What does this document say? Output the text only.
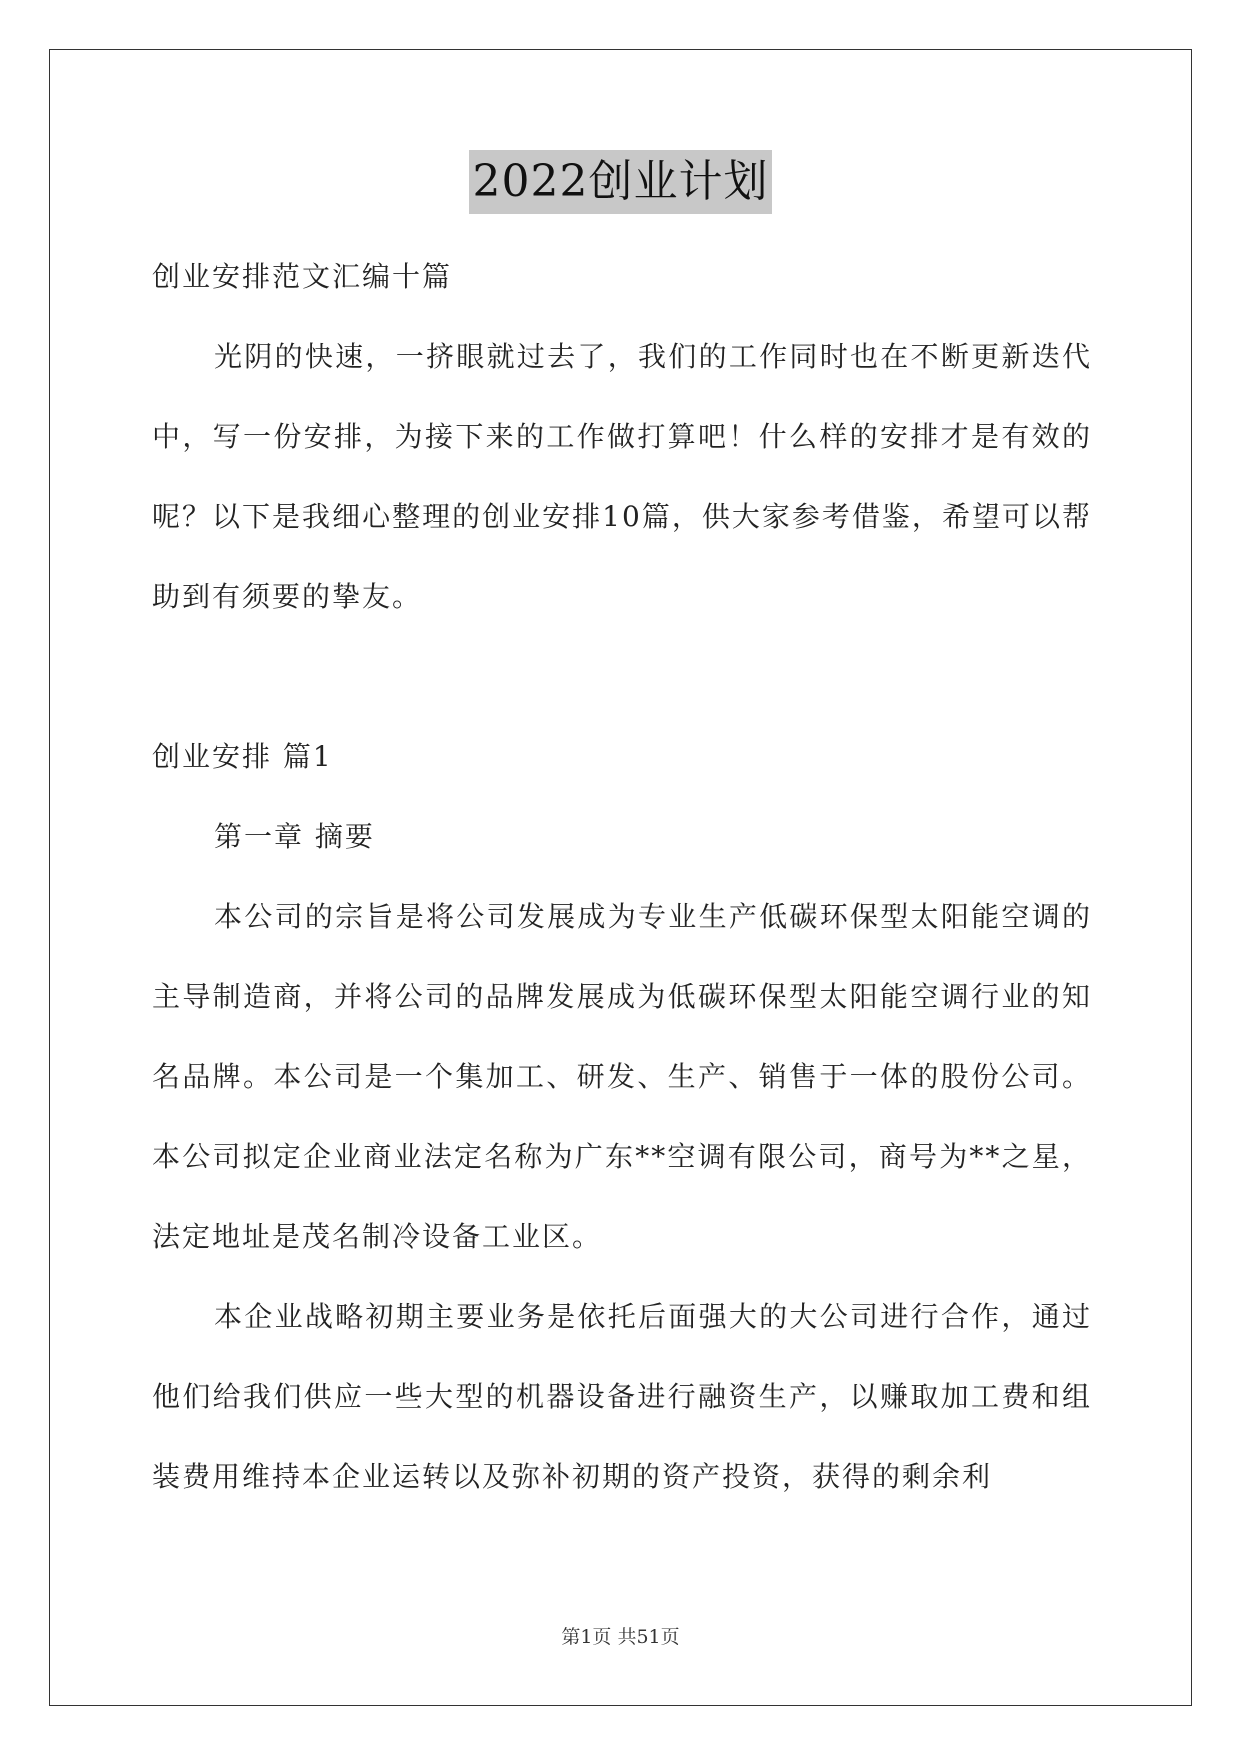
2022创业计划

创业安排范文汇编十篇

光阴的快速，一挤眼就过去了，我们的工作同时也在不断更新迭代中，写一份安排，为接下来的工作做打算吧！什么样的安排才是有效的呢？以下是我细心整理的创业安排10篇，供大家参考借鉴，希望可以帮助到有须要的挚友。

创业安排 篇1

第一章 摘要

本公司的宗旨是将公司发展成为专业生产低碳环保型太阳能空调的主导制造商，并将公司的品牌发展成为低碳环保型太阳能空调行业的知名品牌。本公司是一个集加工、研发、生产、销售于一体的股份公司。本公司拟定企业商业法定名称为广东**空调有限公司，商号为**之星，法定地址是茂名制冷设备工业区。

本企业战略初期主要业务是依托后面强大的大公司进行合作，通过他们给我们供应一些大型的机器设备进行融资生产，以赚取加工费和组装费用维持本企业运转以及弥补初期的资产投资，获得的剩余利

第1页 共51页
